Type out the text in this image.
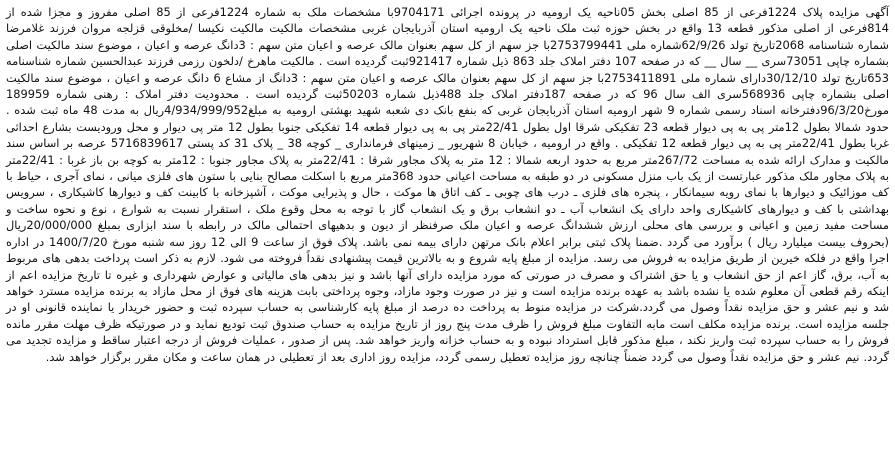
آگهی مزایده پلاک 1224فرعی از 85 اصلی بخش 05ناحیه یک ارومیه در پرونده اجرائی 9704171با مشخصات ملک به شماره 1224فرعی از 85 اصلی مفروز و مجزا شده از 814فرعی از اصلی مذکور قطعه 13 واقع در بخش حوزه ثبت ملک ناحیه یک ارومیه استان آذربایجان غربی مشخصات مالکیت مالکیت نکیسا /مخلوقی قزلجه مروان فرزند غلامرضا شماره شناسنامه 2068تاریخ تولد 62/9/26شماره ملی 2753799441با جز سهم از کل سهم بعنوان مالک عرصه و اعیان متن سهم : 3دانگ عرصه و اعیان ، موضوع سند مالکیت اصلی بشماره چاپی 73051سری __ سال __ که در صفحه 107 دفتر املاک جلد 863 ذیل شماره 921417ثبت گردیده است . مالکیت ماهرخ /دلخون رزمی فرزند عبدالحسین شماره شناسنامه 653تاریخ تولد 30/12/10دارای شماره ملی 2753411891با جز سهم از کل سهم بعنوان مالک عرصه و اعیان متن سهم : 3دانگ از مشاع 6 دانگ عرصه و اعیان ، موضوع سند مالکیت اصلی بشماره چاپی 568936سری الف سال 96 که در صفحه 187دفتر املاک جلد 488ذیل شماره 50203ثبت گردیده است . محدودیت دفتر املاک : رهنی شماره 189959 مورخ96/3/20دفترخانه اسناد رسمی شماره 9 شهر ارومیه استان آذربایجان غربی که بنفع بانک دی شعبه شهید بهشتی ارومیه به مبلغ4/934/999/952ریال به مدت 48 ماه ثبت شده . حدود شمالا بطول 12متر پی به پی دیوار قطعه 23 تفکیکی شرقا اول بطول 22/41متر پی به پی دیوار قطعه 14 تفکیکی جنوبا بطول 12 متر پی دیوار و محل ورودیست بشارع احداثی غربا بطول 22/41متر پی به پی دیوار قطعه 12 تفکیکی . واقع در ارومیه ، خیابان 8 شهریور _ زمینهای فرمانداری _ کوچه 38 _ پلاک 31 کد پستی 5716839617 عرصه بر اساس سند مالکیت و مدارک ارائه شده به مساحت 267/72متر مربع به حدود اربعه شمالا : 12 متر به پلاک مجاور شرقا : 22/41متر به پلاک مجاور جنوبا : 12متر به کوچه بن باز غربا : 22/41متر به پلاک مجاور ملک مذکور عبارتست از یک باب منزل مسکونی در دو طبقه به مساحت اعیانی حدود 368متر مربع با اسکلت مصالح بنایی با ستون های فلزی میانی ، نمای آجری ، حیاط با کف موزائیک و دیوارها با نمای رویه سیمانکار ، پنجره های فلزی ـ درب های چوبی ـ کف اتاق ها موکت ، حال و پذیرایی موکت ، آشپزخانه با کابینت کف و دیوارها کاشیکاری ، سرویس بهداشتی با کف و دیوارهای کاشیکاری واحد دارای یک انشعاب آب ـ دو انشعاب برق و یک انشعاب گاز با توجه به محل وقوع ملک ، استقرار نسبت به شوارع ، نوع و نحوه ساخت و مساحت مفید زمین و اعیانی و بررسی های محلی ارزش ششدانگ عرصه و اعیان ملک صرفنظر از دیون و بدهیهای احتمالی مالک در رابطه با سند ابزاری بمبلغ 20/000/000ریال (بحروف بیست میلیارد ریال ) برآورد می گردد .ضمنا پلاک ثبتی برابر اعلام بانک مرتهن دارای بیمه نمی باشد. پلاک فوق از ساعت 9 الی 12 روز سه شنبه مورخ 1400/7/20 در اداره اجرا واقع در فلکه خیرین از طریق مزایده به فروش می رسد. مزایده از مبلغ پایه شروع و به بالاترین قیمت پیشنهادی نقداً فروخته می شود. لازم به ذکر است پرداخت بدهی های مربوط به آب، برق، گاز اعم از حق انشعاب و یا حق اشتراک و مصرف در صورتی که مورد مزایده دارای آنها باشد و نیز بدهی های مالیاتی و عوارض شهرداری و غیره تا تاریخ مزایده اعم از اینکه رقم قطعی آن معلوم شده یا نشده باشد به عهده برنده مزایده است و نیز در صورت وجود مازاد، وجوه پرداختی بابت هزینه های فوق از محل مازاد به برنده مزایده مسترد خواهد شد و نیم عشر و حق مزایده نقداً وصول می گردد.شرکت در مزایده منوط به پرداخت ده درصد از مبلغ پایه کارشناسی به حساب سپرده ثبت و حضور خریدار یا نماینده قانونی او در جلسه مزایده است. برنده مزایده مکلف است مابه التفاوت مبلغ فروش را ظرف مدت پنج روز از تاریخ مزایده به حساب صندوق ثبت تودیع نماید و در صورتیکه ظرف مهلت مقرر مانده فروش را به حساب سپرده ثبت واریز نکند ، مبلغ مذکور قابل استرداد نبوده و به حساب خزانه واریز خواهد شد. پس از صدور ، عملیات فروش از درجه اعتبار ساقط و مزایده تجدید می گردد. نیم عشر و حق مزایده نقداً وصول می گردد ضمناً چنانچه روز مزایده تعطیل رسمی گردد، مزایده روز اداری بعد از تعطیلی در همان ساعت و مکان مقرر برگزار خواهد شد.
